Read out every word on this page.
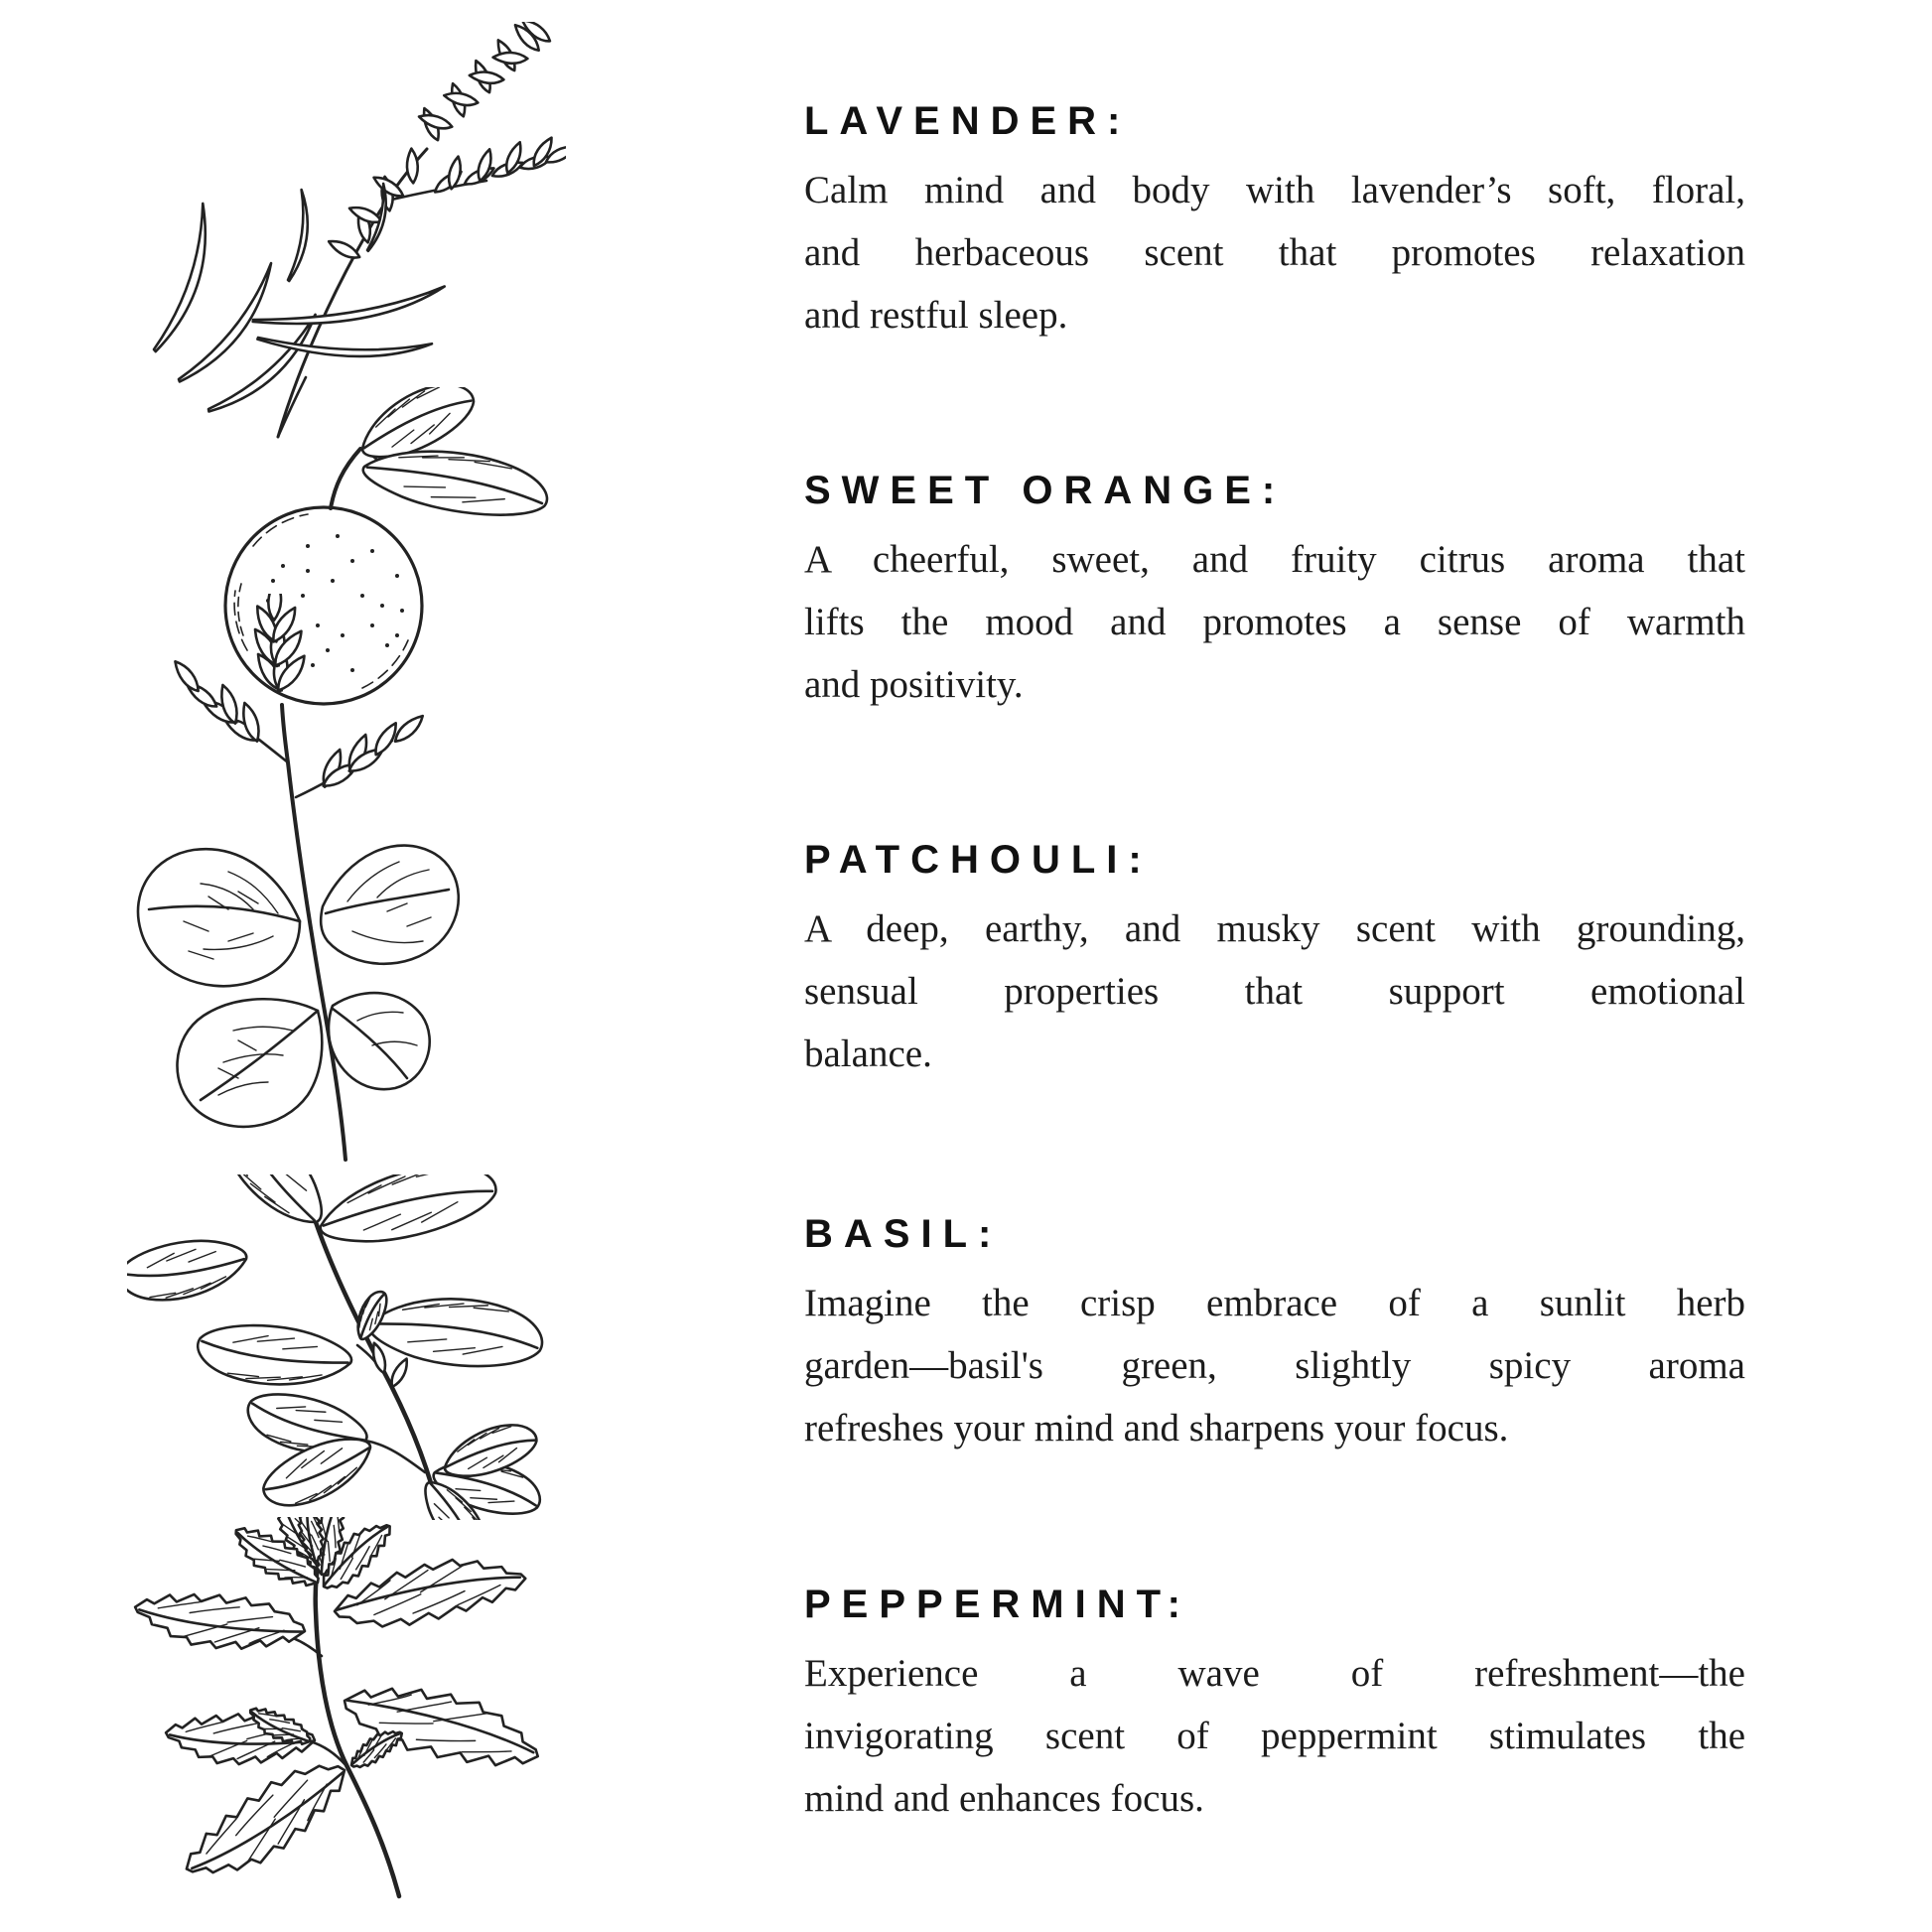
LAVENDER:
Calm mind and body with lavender’s soft, floral,
and herbaceous scent that promotes relaxation
and restful sleep.
SWEET ORANGE:
A cheerful, sweet, and fruity citrus aroma that
lifts the mood and promotes a sense of warmth
and positivity.
PATCHOULI:
A deep, earthy, and musky scent with grounding,
sensual properties that support emotional
balance.
BASIL:
Imagine the crisp embrace of a sunlit herb
garden—basil's green, slightly spicy aroma
refreshes your mind and sharpens your focus.
PEPPERMINT:
Experience a wave of refreshment—the
invigorating scent of peppermint stimulates the
mind and enhances focus.
